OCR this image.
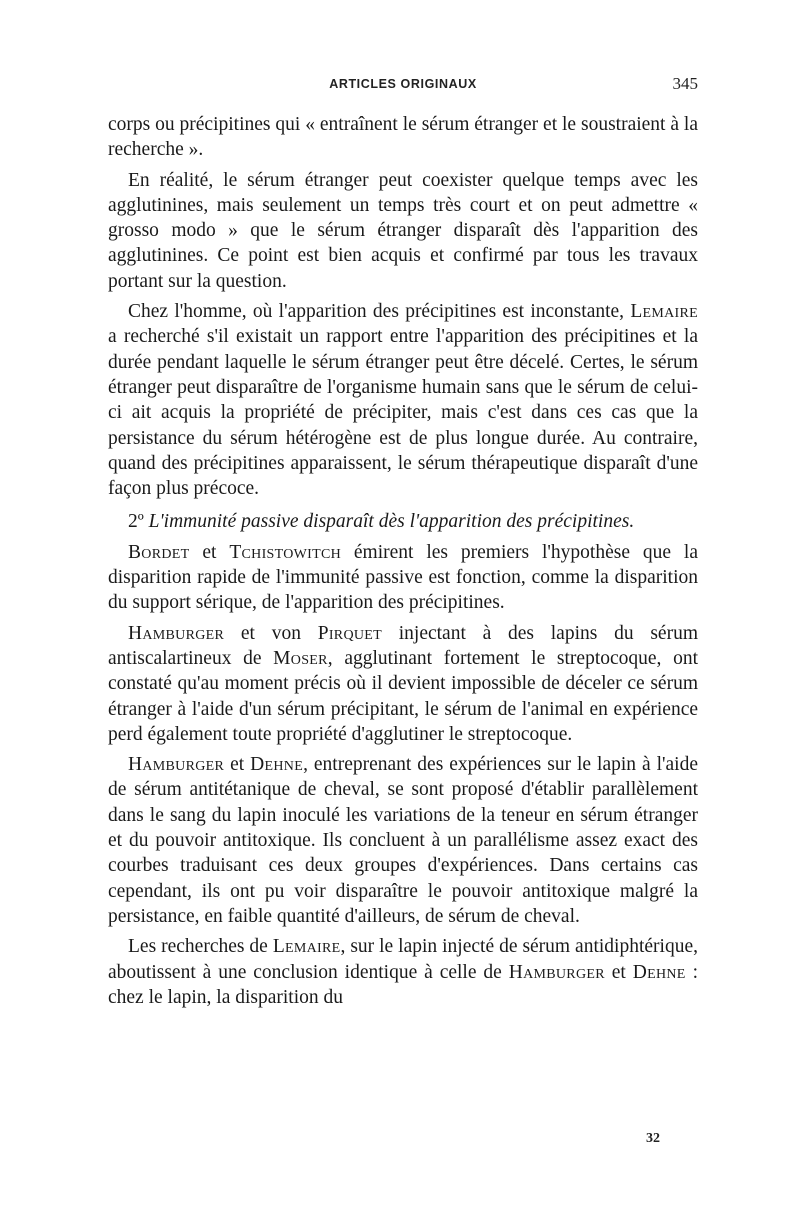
ARTICLES ORIGINAUX	345

corps ou précipitines qui « entraînent le sérum étranger et le soustraient à la recherche ».

En réalité, le sérum étranger peut coexister quelque temps avec les agglutinines, mais seulement un temps très court et on peut admettre « grosso modo » que le sérum étranger disparaît dès l'apparition des agglutinines. Ce point est bien acquis et confirmé par tous les travaux portant sur la question.

Chez l'homme, où l'apparition des précipitines est inconstante, Lemaire a recherché s'il existait un rapport entre l'apparition des précipitines et la durée pendant laquelle le sérum étranger peut être décelé. Certes, le sérum étranger peut disparaître de l'organisme humain sans que le sérum de celui-ci ait acquis la propriété de précipiter, mais c'est dans ces cas que la persistance du sérum hétérogène est de plus longue durée. Au contraire, quand des précipitines apparaissent, le sérum thérapeutique disparaît d'une façon plus précoce.

2º L'immunité passive disparaît dès l'apparition des précipitines.

Bordet et Tchistowitch émirent les premiers l'hypothèse que la disparition rapide de l'immunité passive est fonction, comme la disparition du support sérique, de l'apparition des précipitines.

Hamburger et von Pirquet injectant à des lapins du sérum antiscalartineux de Moser, agglutinant fortement le streptocoque, ont constaté qu'au moment précis où il devient impossible de déceler ce sérum étranger à l'aide d'un sérum précipitant, le sérum de l'animal en expérience perd également toute propriété d'agglutiner le streptocoque.

Hamburger et Dehne, entreprenant des expériences sur le lapin à l'aide de sérum antitétanique de cheval, se sont proposé d'établir parallèlement dans le sang du lapin inoculé les variations de la teneur en sérum étranger et du pouvoir antitoxique. Ils concluent à un parallélisme assez exact des courbes traduisant ces deux groupes d'expériences. Dans certains cas cependant, ils ont pu voir disparaître le pouvoir antitoxique malgré la persistance, en faible quantité d'ailleurs, de sérum de cheval.

Les recherches de Lemaire, sur le lapin injecté de sérum antidiphtérique, aboutissent à une conclusion identique à celle de Hamburger et Dehne : chez le lapin, la disparition du

32
